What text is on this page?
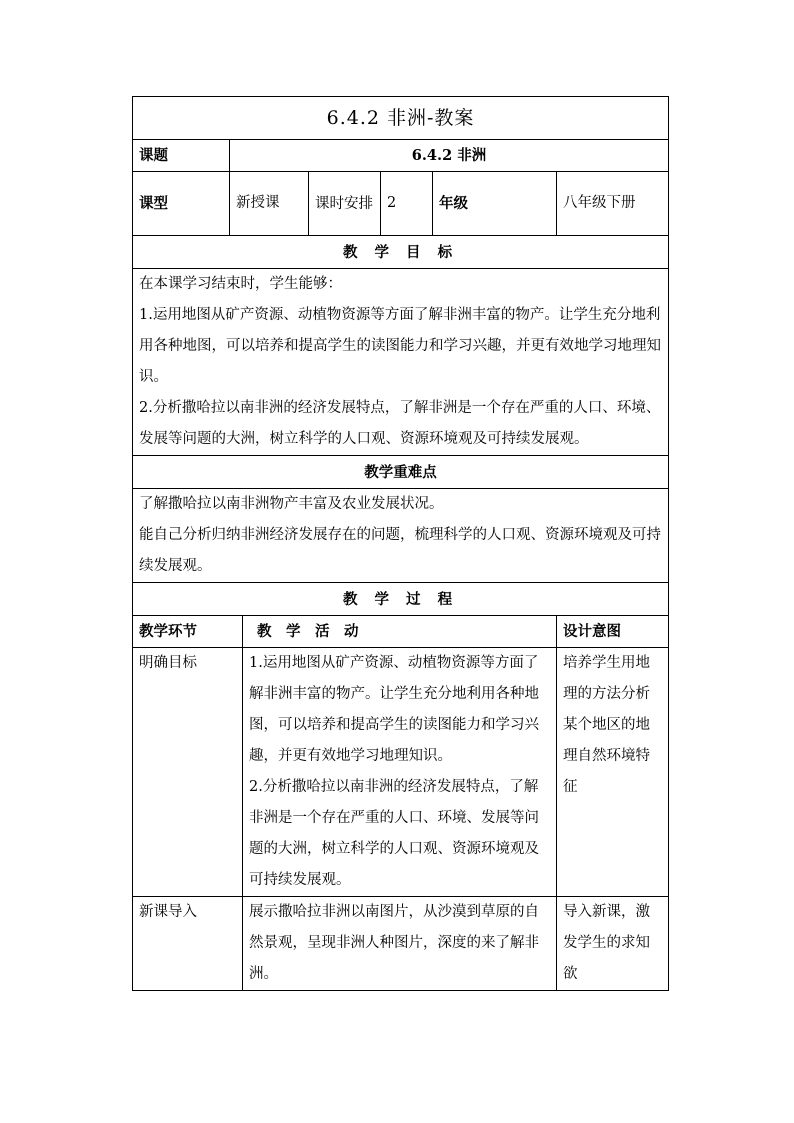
6.4.2 非洲-教案						
课题	6.4.2 非洲					
课型	新授课		课时安排	2	年级	八年级下册
教 学 目 标						

在本课学习结束时，学生能够：
1.运用地图从矿产资源、动植物资源等方面了解非洲丰富的物产。让学生充分地利用各种地图，可以培养和提高学生的读图能力和学习兴趣，并更有效地学习地理知识。
2.分析撒哈拉以南非洲的经济发展特点，了解非洲是一个存在严重的人口、环境、发展等问题的大洲，树立科学的人口观、资源环境观及可持续发展观。						

教学重难点						

了解撒哈拉以南非洲物产丰富及农业发展状况。
能自己分析归纳非洲经济发展存在的问题，梳理科学的人口观、资源环境观及可持续发展观。						

教 学 过 程						
教学环节		教　学　活　动				设计意图
明确目标		1.运用地图从矿产资源、动植物资源等方面了解非洲丰富的物产。让学生充分地利用各种地图，可以培养和提高学生的读图能力和学习兴趣，并更有效地学习地理知识。
2.分析撒哈拉以南非洲的经济发展特点，了解非洲是一个存在严重的人口、环境、发展等问题的大洲，树立科学的人口观、资源环境观及可持续发展观。				培养学生用地理的方法分析某个地区的地理自然环境特征
新课导入		展示撒哈拉非洲以南图片，从沙漠到草原的自然景观，呈现非洲人种图片，深度的来了解非洲。				导入新课，激发学生的求知欲
